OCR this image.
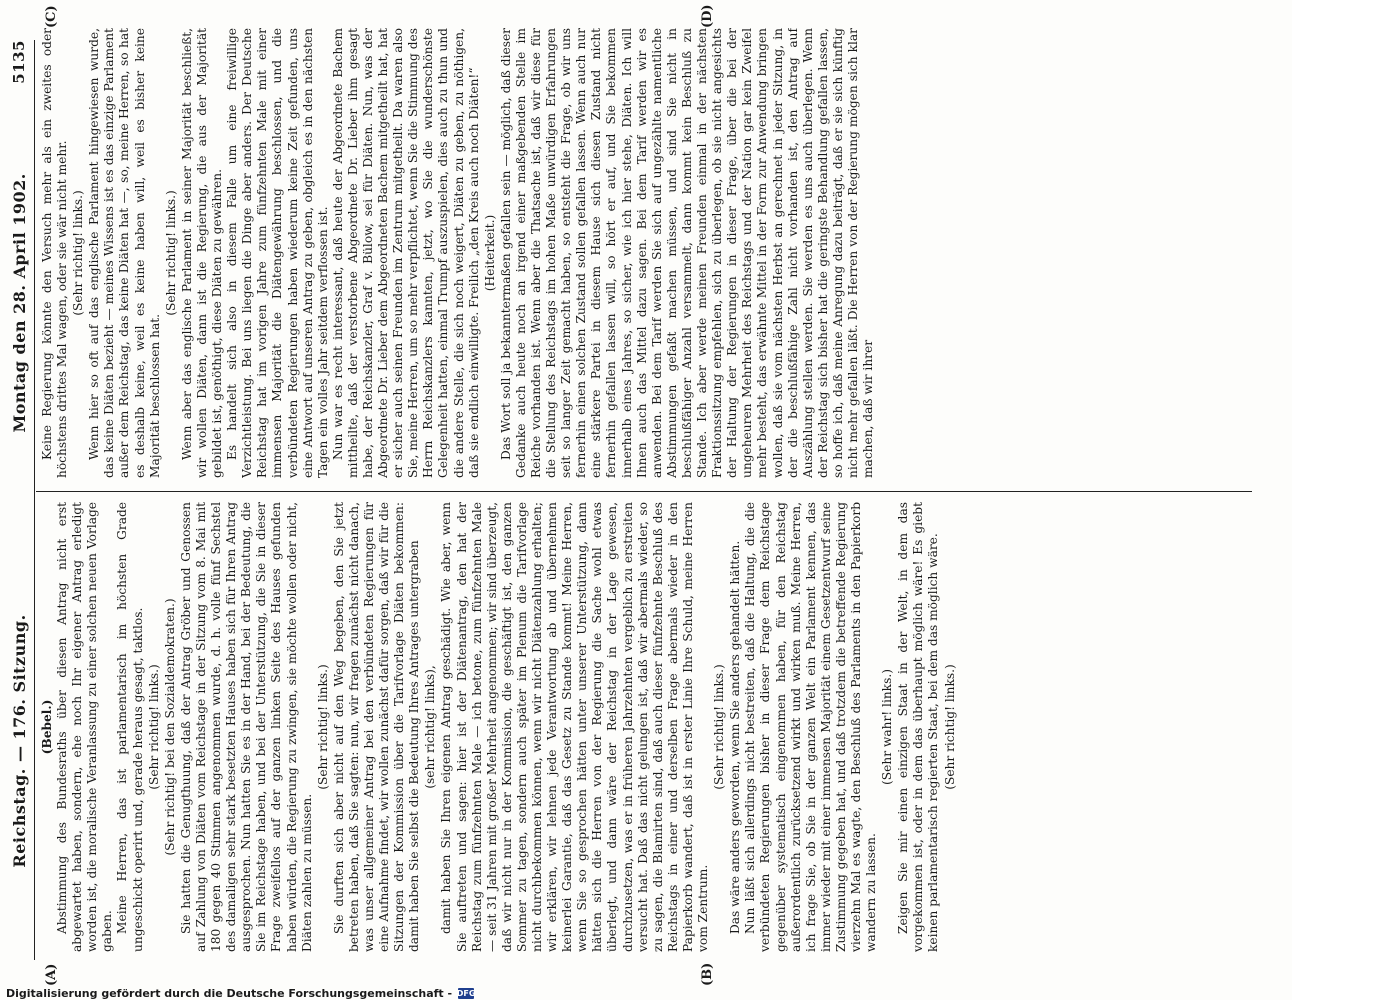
Reichstag. — 176. Sitzung.
Montag den 28. April 1902.
5135
(A)	(B)
(C)	(D)

(Bebel.) Abstimmung des Bundesraths über diesen Antrag nicht erst abgewartet haben, sondern, ehe noch Ihr eigener Antrag erledigt worden ist, die moralische Veranlassung zu einer solchen neuen Vorlage gaben. Meine Herren, das ist parlamentarisch im höchsten Grade ungeschickt operirt und, gerade heraus gesagt, taktlos. (Sehr richtig! links.) (Sehr richtig! bei den Sozialdemokraten.) Sie hatten die Genugthuung, daß der Antrag Gröber und Genossen auf Zahlung von Diäten vom Reichstage in der Sitzung vom 8. Mai mit 180 gegen 40 Stimmen angenommen wurde, d. h. volle fünf Sechstel des damaligen sehr stark besetzten Hauses haben sich für Ihren Antrag ausgesprochen. Nun hatten Sie es in der Hand, bei der Bedeutung, die Sie im Reichstage haben, und bei der Unterstützung, die Sie in dieser Frage zweifellos auf der ganzen linken Seite des Hauses gefunden haben würden, die Regierung zu zwingen, sie möchte wollen oder nicht, Diäten zahlen zu müssen.

(Sehr richtig! links.) Sie durften sich aber nicht auf den Weg begeben, den Sie jetzt betreten haben, daß Sie sagten: nun, wir fragen zunächst nicht danach, was unser allgemeiner Antrag bei den verbündeten Regierungen für eine Aufnahme findet, wir wollen zunächst dafür sorgen, daß wir für die Sitzungen der Kommission über die Tarifvorlage Diäten bekommen: damit haben Sie selbst die Bedeutung Ihres Antrages untergraben (sehr richtig! links), damit haben Sie Ihren eigenen Antrag geschädigt. Wie aber, wenn Sie auftreten und sagen: hier ist der Diätenantrag, den hat der Reichstag zum fünfzehnten Male — ich betone, zum fünfzehnten Male — seit 31 Jahren mit großer Mehrheit angenommen; wir sind überzeugt, daß wir nicht nur in der Kommission, die geschäftigt ist, den ganzen Sommer zu tagen, sondern auch später im Plenum die Tarifvorlage nicht durchbekommen können, wenn wir nicht Diätenzahlung erhalten; wir erklären, wir lehnen jede Verantwortung ab und übernehmen keinerlei Garantie, daß das Gesetz zu Stande kommt! Meine Herren, wenn Sie so gesprochen hätten unter unserer Unterstützung, dann hätten sich die Herren von der Regierung die Sache wohl etwas überlegt, und dann wäre der Reichstag in der Lage gewesen, durchzusetzen, was er in früheren Jahrzehnten vergeblich zu erstreiten versucht hat. Daß das nicht gelungen ist, daß wir abermals wieder, so zu sagen, die Blamirten sind, daß auch dieser fünfzehnte Beschluß des Reichstags in einer und derselben Frage abermals wieder in den Papierkorb wandert, daß ist in erster Linie Ihre Schuld, meine Herren vom Zentrum.

(Sehr richtig! links.) Das wäre anders geworden, wenn Sie anders gehandelt hätten. Nun läßt sich allerdings nicht bestreiten, daß die Haltung, die die verbündeten Regierungen bisher in dieser Frage dem Reichstage gegenüber systematisch eingenommen haben, für den Reichstag außerordentlich zurücksetzend wirkt und wirken muß. Meine Herren, ich frage Sie, ob Sie in der ganzen Welt ein Parlament kennen, das immer wieder mit einer immensen Majorität einem Gesetzentwurf seine Zustimmung gegeben hat, und daß trotzdem die betreffende Regierung vierzehn Mal es wagte, den Beschluß des Parlaments in den Papierkorb wandern zu lassen.

(Sehr wahr! links.) Zeigen Sie mir einen einzigen Staat in der Welt, in dem das vorgekommen ist, oder in dem das überhaupt möglich wäre! Es giebt keinen parlamentarisch regierten Staat, bei dem das möglich wäre. (Sehr richtig! links.)

Keine Regierung könnte den Versuch mehr als ein zweites oder höchstens drittes Mal wagen, oder sie wär nicht mehr. (Sehr richtig! links.) Wenn hier so oft auf das englische Parlament hingewiesen wurde, das keine Diäten bezieht — meines Wissens ist es das einzige Parlament außer dem Reichstag, das keine Diäten hat —, so, meine Herren, so hat es deshalb keine, weil es keine haben will, weil es bisher keine Majorität beschlossen hat.

(Sehr richtig! links.) Wenn aber das englische Parlament in seiner Majorität beschließt, wir wollen Diäten, dann ist die Regierung, die aus der Majorität gebildet ist, genöthigt, diese Diäten zu gewähren. Es handelt sich also in diesem Falle um eine freiwillige Verzichtleistung. Bei uns liegen die Dinge aber anders. Der Deutsche Reichstag hat im vorigen Jahre zum fünfzehnten Male mit einer immensen Majorität die Diätengewährung beschlossen, und die verbündeten Regierungen haben wiederum keine Zeit gefunden, uns eine Antwort auf unseren Antrag zu geben, obgleich es in den nächsten Tagen ein volles Jahr seitdem verflossen ist. Nun war es recht interessant, daß heute der Abgeordnete Bachem mittheilte, daß der verstorbene Abgeordnete Dr. Lieber ihm gesagt habe, der Reichskanzler, Graf v. Bülow, sei für Diäten. Nun, was der Abgeordnete Dr. Lieber dem Abgeordneten Bachem mitgetheilt hat, hat er sicher auch seinen Freunden im Zentrum mitgetheilt. Da waren also Sie, meine Herren, um so mehr verpflichtet, wenn Sie die Stimmung des Herrn Reichskanzlers kannten, jetzt, wo Sie die wunderschönste Gelegenheit hatten, einmal Trumpf auszuspielen, dies auch zu thun und die andere Stelle, die sich noch weigert, Diäten zu geben, zu nöthigen, daß sie endlich einwilligte. Freilich „den Kreis auch noch Diäten!“ (Heiterkeit.) Das Wort soll ja bekanntermaßen gefallen sein — möglich, daß dieser Gedanke auch heute noch an irgend einer maßgebenden Stelle im Reiche vorhanden ist. Wenn aber die Thatsache ist, daß wir diese für die Stellung des Reichstags im hohen Maße unwürdigen Erfahrungen seit so langer Zeit gemacht haben, so entsteht die Frage, ob wir uns fernerhin einen solchen Zustand sollen gefallen lassen. Wenn auch nur eine stärkere Partei in diesem Hause sich diesen Zustand nicht fernerhin gefallen lassen will, so hört er auf, und Sie bekommen innerhalb eines Jahres, so sicher, wie ich hier stehe, Diäten. Ich will Ihnen auch das Mittel dazu sagen. Bei dem Tarif werden wir es anwenden. Bei dem Tarif werden Sie sich auf ungezählte namentliche Abstimmungen gefaßt machen müssen, und sind Sie nicht in beschlußfähiger Anzahl versammelt, dann kommt kein Beschluß zu Stande. Ich aber werde meinen Freunden einmal in der nächsten Fraktionssitzung empfehlen, sich zu überlegen, ob sie nicht angesichts der Haltung der Regierungen in dieser Frage, über die bei der ungeheuren Mehrheit des Reichstags und der Nation gar kein Zweifel mehr besteht, das erwähnte Mittel in der Form zur Anwendung bringen wollen, daß sie vom nächsten Herbst an gerechnet in jeder Sitzung, in der die beschlußfähige Zahl nicht vorhanden ist, den Antrag auf Auszählung stellen werden. Sie werden es uns auch überlegen. Wenn der Reichstag sich bisher hat die geringste Behandlung gefallen lassen, so hoffe ich, daß meine Anregung dazu beiträgt, daß er sie sich künftig nicht mehr gefallen läßt. Die Herren von der Regierung mögen sich klar machen, daß wir ihrer

Digitalisierung gefördert durch die Deutsche Forschungsgemeinschaft - DFG
